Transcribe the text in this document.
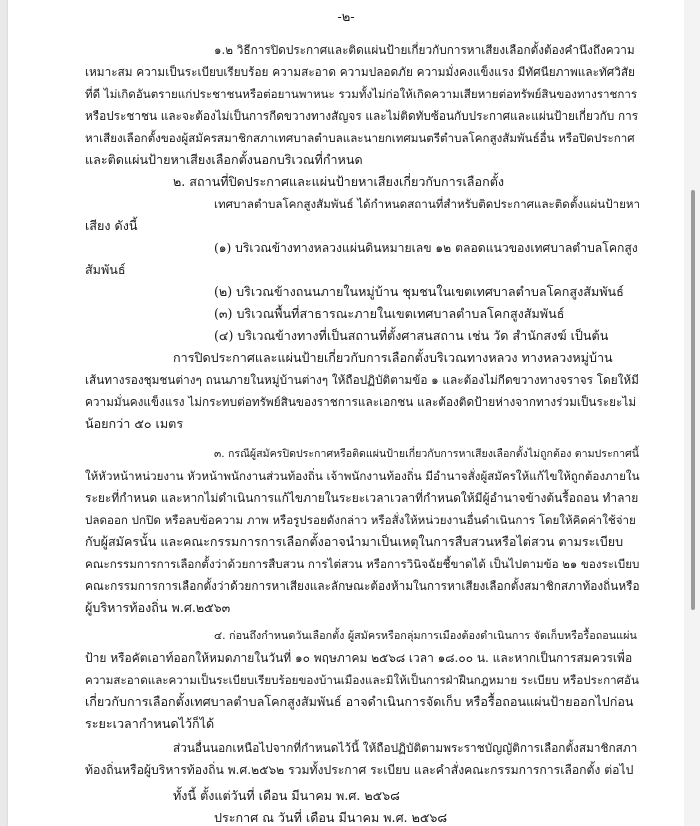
-๒-
๑.๒ วิธีการปิดประกาศและติดแผ่นป้ายเกี่ยวกับการหาเสียงเลือกตั้งต้องคำนึงถึงความ
เหมาะสม ความเป็นระเบียบเรียบร้อย ความสะอาด ความปลอดภัย ความมั่งคงแข็งแรง มีทัศนียภาพและทัศวิสัย
ที่ดี ไม่เกิดอันตรายแก่ประชาชนหรือต่อยานพาหนะ รวมทั้งไม่ก่อให้เกิดความเสียหายต่อทรัพย์สินของทางราชการ
หรือประชาชน และจะต้องไม่เป็นการกีดขวางทางสัญจร และไม่ติดทับซ้อนกับประกาศและแผ่นป้ายเกี่ยวกับ การ
หาเสียงเลือกตั้งของผู้สมัครสมาชิกสภาเทศบาลตำบลและนายกเทศมนตรีตำบลโคกสูงสัมพันธ์อื่น หรือปิดประกาศ
และติดแผ่นป้ายหาเสียงเลือกตั้งนอกบริเวณที่กำหนด
๒. สถานที่ปิดประกาศและแผ่นป้ายหาเสียงเกี่ยวกับการเลือกตั้ง
เทศบาลตำบลโคกสูงสัมพันธ์ ได้กำหนดสถานที่สำหรับติดประกาศและติดตั้งแผ่นป้ายหา
เสียง ดังนี้
(๑) บริเวณข้างทางหลวงแผ่นดินหมายเลข ๑๒ ตลอดแนวของเทศบาลตำบลโคกสูง
สัมพันธ์
(๒) บริเวณข้างถนนภายในหมู่บ้าน ชุมชนในเขตเทศบาลตำบลโคกสูงสัมพันธ์
(๓) บริเวณพื้นที่สาธารณะภายในเขตเทศบาลตำบลโคกสูงสัมพันธ์
(๔) บริเวณข้างทางที่เป็นสถานที่ตั้งศาสนสถาน เช่น วัด สำนักสงฆ์ เป็นต้น
การปิดประกาศและแผ่นป้ายเกี่ยวกับการเลือกตั้งบริเวณทางหลวง ทางหลวงหมู่บ้าน
เส้นทางรองชุมชนต่างๆ ถนนภายในหมู่บ้านต่างๆ ให้ถือปฏิบัติตามข้อ ๑ และต้องไม่กีดขวางทางจราจร โดยให้มี
ความมั่นคงแข็งแรง ไม่กระทบต่อทรัพย์สินของราชการและเอกชน และต้องติดป้ายห่างจากทางร่วมเป็นระยะไม่
น้อยกว่า ๕๐ เมตร
๓. กรณีผู้สมัครปิดประกาศหรือติดแผ่นป้ายเกี่ยวกับการหาเสียงเลือกตั้งไม่ถูกต้อง ตามประกาศนี้
ให้หัวหน้าหน่วยงาน หัวหน้าพนักงานส่วนท้องถิ่น เจ้าพนักงานท้องถิ่น มีอำนาจสั่งผู้สมัครให้แก้ไขให้ถูกต้องภายใน
ระยะที่กำหนด และหากไม่ดำเนินการแก้ไขภายในระยะเวลาเวลาที่กำหนดให้มีผู้อำนาจข้างต้นรื้อถอน ทำลาย
ปลดออก ปกปิด หรือลบข้อความ ภาพ หรือรูปรอยดังกล่าว หรือสั่งให้หน่วยงานอื่นดำเนินการ โดยให้คิดค่าใช้จ่าย
กับผู้สมัครนั้น และคณะกรรมการการเลือกตั้งอาจนำมาเป็นเหตุในการสืบสวนหรือไต่สวน ตามระเบียบ
คณะกรรมการการเลือกตั้งว่าด้วยการสืบสวน การไต่สวน หรือการวินิจฉัยชี้ขาดได้ เป็นไปตามข้อ ๒๑ ของระเบียบ
คณะกรรมการการเลือกตั้งว่าด้วยการหาเสียงและลักษณะต้องห้ามในการหาเสียงเลือกตั้งสมาชิกสภาท้องถิ่นหรือ
ผู้บริหารท้องถิ่น พ.ศ.๒๕๖๓
๔. ก่อนถึงกำหนดวันเลือกตั้ง ผู้สมัครหรือกลุ่มการเมืองต้องดำเนินการ จัดเก็บหรือรื้อถอนแผ่น
ป้าย หรือคัตเอาท์ออกให้หมดภายในวันที่ ๑๐ พฤษภาคม ๒๕๖๘ เวลา ๑๘.๐๐ น. และหากเป็นการสมควรเพื่อ
ความสะอาดและความเป็นระเบียบเรียบร้อยของบ้านเมืองและมิให้เป็นการฝ่าฝืนกฎหมาย ระเบียบ หรือประกาศอัน
เกี่ยวกับการเลือกตั้งเทศบาลตำบลโคกสูงสัมพันธ์ อาจดำเนินการจัดเก็บ หรือรื้อถอนแผ่นป้ายออกไปก่อน
ระยะเวลากำหนดไว้ก็ได้
ส่วนอื่นนอกเหนือไปจากที่กำหนดไว้นี้ ให้ถือปฏิบัติตามพระราชบัญญัติการเลือกตั้งสมาชิกสภา
ท้องถิ่นหรือผู้บริหารท้องถิ่น พ.ศ.๒๕๖๒ รวมทั้งประกาศ ระเบียบ และคำสั่งคณะกรรมการการเลือกตั้ง ต่อไป
ทั้งนี้ ตั้งแต่วันที่ เดือน มีนาคม พ.ศ. ๒๕๖๘
ประกาศ ณ วันที่ เดือน มีนาคม พ.ศ. ๒๕๖๘
